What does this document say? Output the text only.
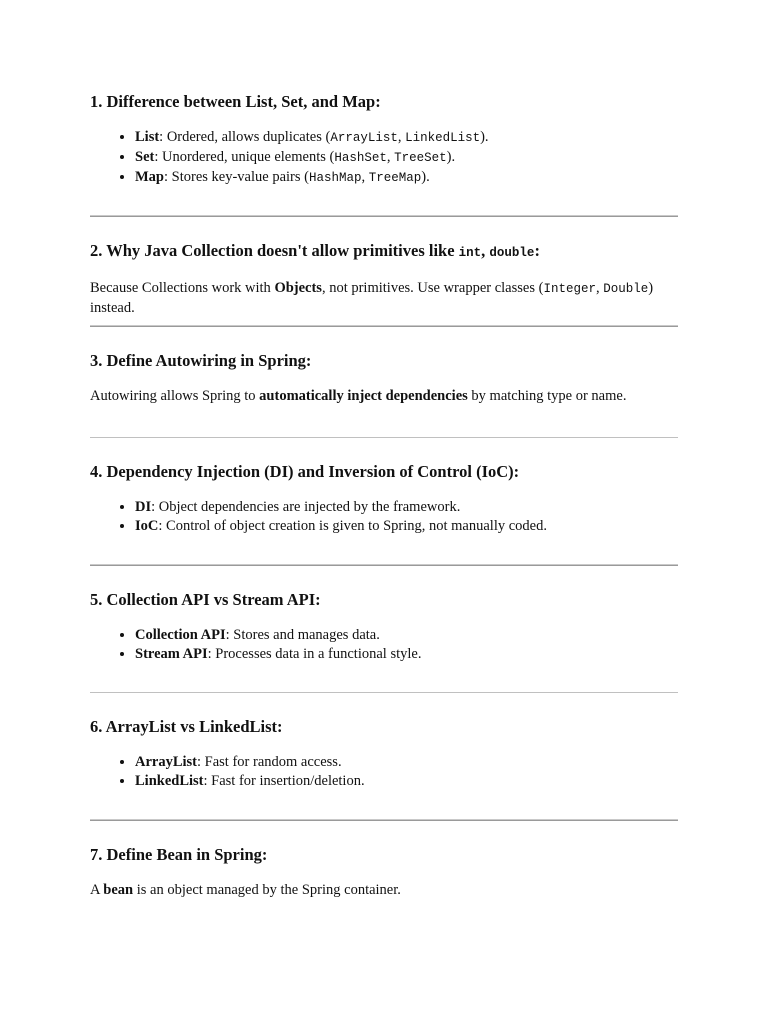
1. Difference between List, Set, and Map:
• List: Ordered, allows duplicates (ArrayList, LinkedList).
• Set: Unordered, unique elements (HashSet, TreeSet).
• Map: Stores key-value pairs (HashMap, TreeMap).
2. Why Java Collection doesn't allow primitives like int, double:

Because Collections work with Objects, not primitives. Use wrapper classes (Integer, Double) instead.

3. Define Autowiring in Spring:

Autowiring allows Spring to automatically inject dependencies by matching type or name.

4. Dependency Injection (DI) and Inversion of Control (IoC):
• DI: Object dependencies are injected by the framework.
• IoC: Control of object creation is given to Spring, not manually coded.
5. Collection API vs Stream API:
• Collection API: Stores and manages data.
• Stream API: Processes data in a functional style.
6. ArrayList vs LinkedList:
• ArrayList: Fast for random access.
• LinkedList: Fast for insertion/deletion.
7. Define Bean in Spring:

A bean is an object managed by the Spring container.
